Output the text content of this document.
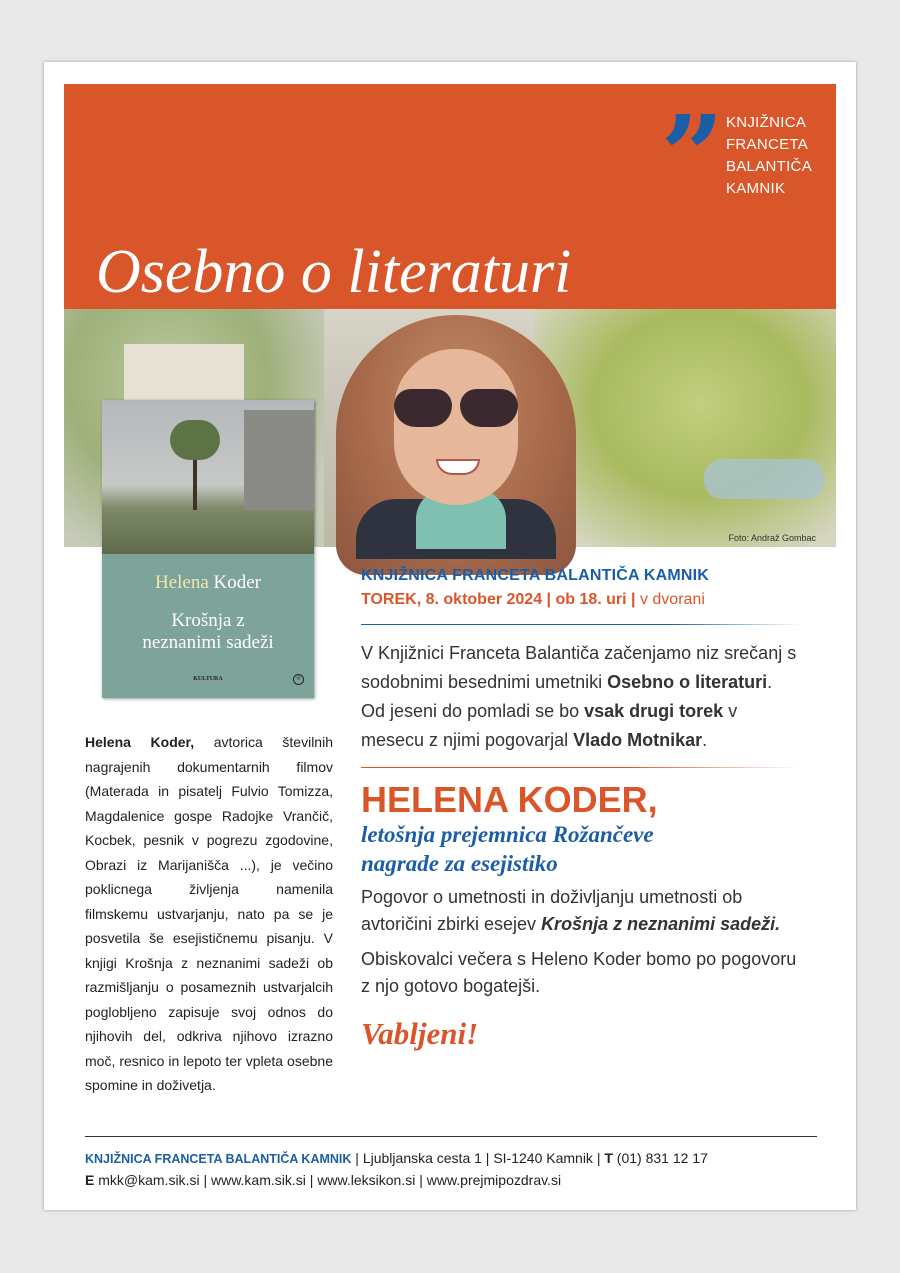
” KNJIŽNICA
FRANCETA
BALANTIČA
KAMNIK
Osebno o literaturi
Foto: Andraž Gombac
Helena Koder
Krošnja z
neznanimi sadeži
KULTURA	®
Helena Koder, avtorica številnih nagrajenih dokumentarnih filmov (Materada in pisatelj Fulvio Tomizza, Magdalenice gospe Radojke Vrančič, Kocbek, pesnik v pogrezu zgodovine, Obrazi iz Marijanišča ...), je večino poklicnega življenja namenila filmskemu ustvarjanju, nato pa se je posvetila še esejističnemu pisanju. V knjigi Krošnja z neznanimi sadeži ob razmišljanju o posameznih ustvarjalcih poglobljeno zapisuje svoj odnos do njihovih del, odkriva njihovo izrazno moč, resnico in lepoto ter vpleta osebne spomine in doživetja.
KNJIŽNICA FRANCETA BALANTIČA KAMNIK
TOREK, 8. oktober 2024 | ob 18. uri | v dvorani
V Knjižnici Franceta Balantiča začenjamo niz srečanj s sodobnimi besednimi umetniki Osebno o literaturi. Od jeseni do pomladi se bo vsak drugi torek v mesecu z njimi pogovarjal Vlado Motnikar.
HELENA KODER,
letošnja prejemnica Rožančeve
nagrade za esejistiko
Pogovor o umetnosti in doživljanju umetnosti ob avtoričini zbirki esejev Krošnja z neznanimi sadeži.
Obiskovalci večera s Heleno Koder bomo po pogovoru z njo gotovo bogatejši.
Vabljeni!
KNJIŽNICA FRANCETA BALANTIČA KAMNIK | Ljubljanska cesta 1 | SI-1240 Kamnik | T (01) 831 12 17
E mkk@kam.sik.si | www.kam.sik.si | www.leksikon.si | www.prejmipozdrav.si
